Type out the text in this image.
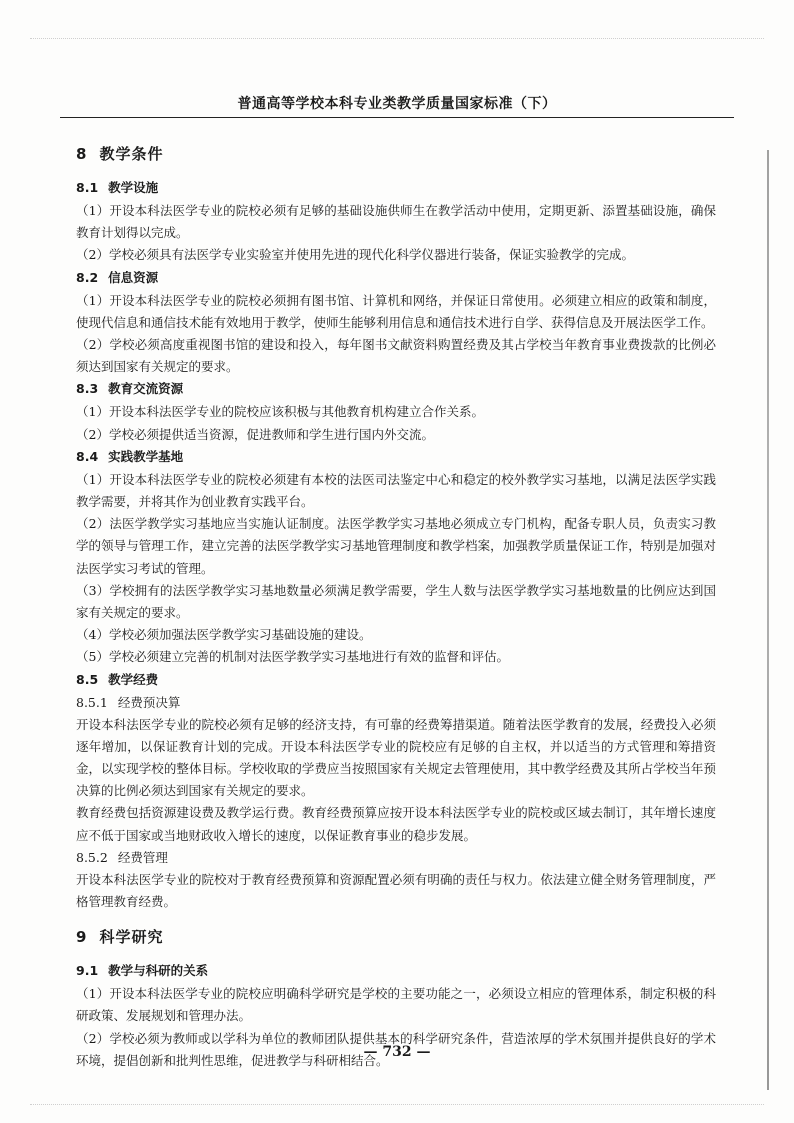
普通高等学校本科专业类教学质量国家标准（下）
8 教学条件
8.1 教学设施

（1）开设本科法医学专业的院校必须有足够的基础设施供师生在教学活动中使用，定期更新、添置基础设施，确保教育计划得以完成。

（2）学校必须具有法医学专业实验室并使用先进的现代化科学仪器进行装备，保证实验教学的完成。

8.2 信息资源

（1）开设本科法医学专业的院校必须拥有图书馆、计算机和网络，并保证日常使用。必须建立相应的政策和制度，使现代信息和通信技术能有效地用于教学，使师生能够利用信息和通信技术进行自学、获得信息及开展法医学工作。

（2）学校必须高度重视图书馆的建设和投入，每年图书文献资料购置经费及其占学校当年教育事业费拨款的比例必须达到国家有关规定的要求。

8.3 教育交流资源

（1）开设本科法医学专业的院校应该积极与其他教育机构建立合作关系。

（2）学校必须提供适当资源，促进教师和学生进行国内外交流。

8.4 实践教学基地

（1）开设本科法医学专业的院校必须建有本校的法医司法鉴定中心和稳定的校外教学实习基地，以满足法医学实践教学需要，并将其作为创业教育实践平台。

（2）法医学教学实习基地应当实施认证制度。法医学教学实习基地必须成立专门机构，配备专职人员，负责实习教学的领导与管理工作，建立完善的法医学教学实习基地管理制度和教学档案，加强教学质量保证工作，特别是加强对法医学实习考试的管理。

（3）学校拥有的法医学教学实习基地数量必须满足教学需要，学生人数与法医学教学实习基地数量的比例应达到国家有关规定的要求。

（4）学校必须加强法医学教学实习基础设施的建设。

（5）学校必须建立完善的机制对法医学教学实习基地进行有效的监督和评估。

8.5 教学经费
8.5.1 经费预决算

开设本科法医学专业的院校必须有足够的经济支持，有可靠的经费筹措渠道。随着法医学教育的发展，经费投入必须逐年增加，以保证教育计划的完成。开设本科法医学专业的院校应有足够的自主权，并以适当的方式管理和筹措资金，以实现学校的整体目标。学校收取的学费应当按照国家有关规定去管理使用，其中教学经费及其所占学校当年预决算的比例必须达到国家有关规定的要求。

教育经费包括资源建设费及教学运行费。教育经费预算应按开设本科法医学专业的院校或区域去制订，其年增长速度应不低于国家或当地财政收入增长的速度，以保证教育事业的稳步发展。

8.5.2 经费管理

开设本科法医学专业的院校对于教育经费预算和资源配置必须有明确的责任与权力。依法建立健全财务管理制度，严格管理教育经费。

9 科学研究
9.1 教学与科研的关系

（1）开设本科法医学专业的院校应明确科学研究是学校的主要功能之一，必须设立相应的管理体系，制定积极的科研政策、发展规划和管理办法。

（2）学校必须为教师或以学科为单位的教师团队提供基本的科学研究条件，营造浓厚的学术氛围并提供良好的学术环境，提倡创新和批判性思维，促进教学与科研相结合。

— 732 —
